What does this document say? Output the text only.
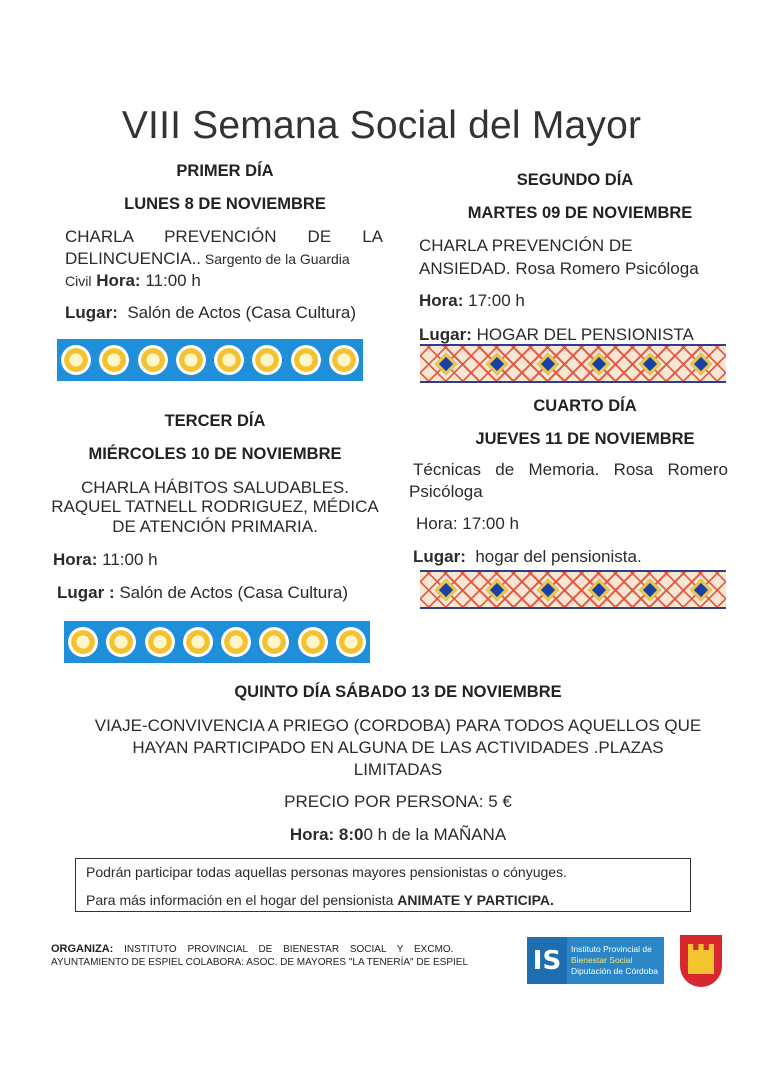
VIII Semana Social del Mayor
PRIMER DÍA
LUNES 8 DE NOVIEMBRE
CHARLA PREVENCIÓN DE LA
DELINCUENCIA.. Sargento de la Guardia
Civil Hora: 11:00 h
Lugar: Salón de Actos (Casa Cultura)
SEGUNDO DÍA
MARTES 09 DE NOVIEMBRE
CHARLA PREVENCIÓN DE
ANSIEDAD. Rosa Romero Psicóloga
Hora: 17:00 h
Lugar: HOGAR DEL PENSIONISTA
TERCER DÍA
MIÉRCOLES 10 DE NOVIEMBRE
CHARLA HÁBITOS SALUDABLES.
RAQUEL TATNELL RODRIGUEZ, MÉDICA
DE ATENCIÓN PRIMARIA.
Hora: 11:00 h
Lugar : Salón de Actos (Casa Cultura)
CUARTO DÍA
JUEVES 11 DE NOVIEMBRE
Técnicas de Memoria. Rosa Romero
Psicóloga
Hora: 17:00 h
Lugar: hogar del pensionista.
QUINTO DÍA SÁBADO 13 DE NOVIEMBRE
VIAJE-CONVIVENCIA A PRIEGO (CORDOBA) PARA TODOS AQUELLOS QUE
HAYAN PARTICIPADO EN ALGUNA DE LAS ACTIVIDADES .PLAZAS
LIMITADAS
PRECIO POR PERSONA: 5 €
Hora: 8:00 h de la MAÑANA
Podrán participar todas aquellas personas mayores pensionistas o cónyuges.
Para más información en el hogar del pensionista ANIMATE Y PARTICIPA.
ORGANIZA: INSTITUTO PROVINCIAL DE BIENESTAR SOCIAL Y EXCMO.
AYUNTAMIENTO DE ESPIEL COLABORA: ASOC. DE MAYORES "LA TENERÍA" DE ESPIEL IS	Instituto Provincial de
Bienestar Social
Diputación de Córdoba
